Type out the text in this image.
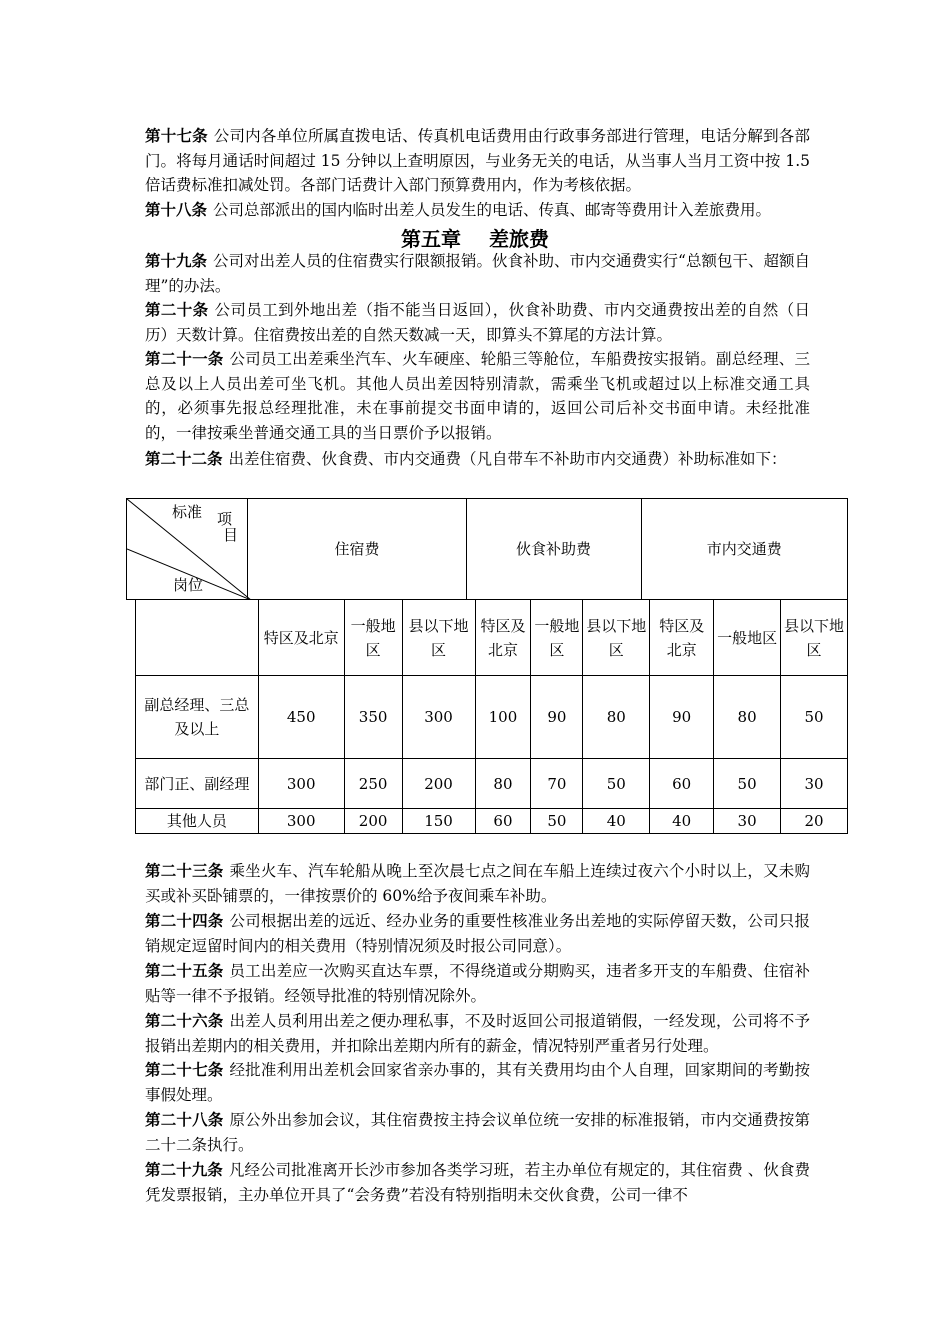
第十七条 公司内各单位所属直拨电话、传真机电话费用由行政事务部进行管理，电话分解到各部门。将每月通话时间超过 15 分钟以上查明原因，与业务无关的电话，从当事人当月工资中按 1.5 倍话费标准扣减处罚。各部门话费计入部门预算费用内，作为考核依据。
第十八条 公司总部派出的国内临时出差人员发生的电话、传真、邮寄等费用计入差旅费用。
第五章 差旅费
第十九条 公司对出差人员的住宿费实行限额报销。伙食补助、市内交通费实行“总额包干、超额自理”的办法。
第二十条 公司员工到外地出差（指不能当日返回），伙食补助费、市内交通费按出差的自然（日历）天数计算。住宿费按出差的自然天数减一天，即算头不算尾的方法计算。
第二十一条 公司员工出差乘坐汽车、火车硬座、轮船三等舱位，车船费按实报销。副总经理、三总及以上人员出差可坐飞机。其他人员出差因特别清款，需乘坐飞机或超过以上标准交通工具的，必须事先报总经理批准，未在事前提交书面申请的，返回公司后补交书面申请。未经批准的，一律按乘坐普通交通工具的当日票价予以报销。
第二十二条 出差住宿费、伙食费、市内交通费（凡自带车不补助市内交通费）补助标准如下：
标准 项
目
岗位
	住宿费	伙食补助费	市内交通费
	特区及北京	一般地区	县以下地区	特区及北京	一般地区	县以下地区	特区及北京	一般地区	县以下地区
副总经理、三总及以上	450	350	300	100	90	80	90	80	50
部门正、副经理	300	250	200	80	70	50	60	50	30
其他人员	300	200	150	60	50	40	40	30	20
第二十三条 乘坐火车、汽车轮船从晚上至次晨七点之间在车船上连续过夜六个小时以上，又未购买或补买卧铺票的，一律按票价的 60%给予夜间乘车补助。
第二十四条 公司根据出差的远近、经办业务的重要性核准业务出差地的实际停留天数，公司只报销规定逗留时间内的相关费用（特别情况须及时报公司同意）。
第二十五条 员工出差应一次购买直达车票，不得绕道或分期购买，违者多开支的车船费、住宿补贴等一律不予报销。经领导批准的特别情况除外。
第二十六条 出差人员利用出差之便办理私事，不及时返回公司报道销假，一经发现，公司将不予报销出差期内的相关费用，并扣除出差期内所有的薪金，情况特别严重者另行处理。
第二十七条 经批准利用出差机会回家省亲办事的，其有关费用均由个人自理，回家期间的考勤按事假处理。
第二十八条 原公外出参加会议，其住宿费按主持会议单位统一安排的标准报销，市内交通费按第二十二条执行。
第二十九条 凡经公司批准离开长沙市参加各类学习班，若主办单位有规定的，其住宿费 、伙食费凭发票报销，主办单位开具了“会务费”若没有特别指明未交伙食费，公司一律不
